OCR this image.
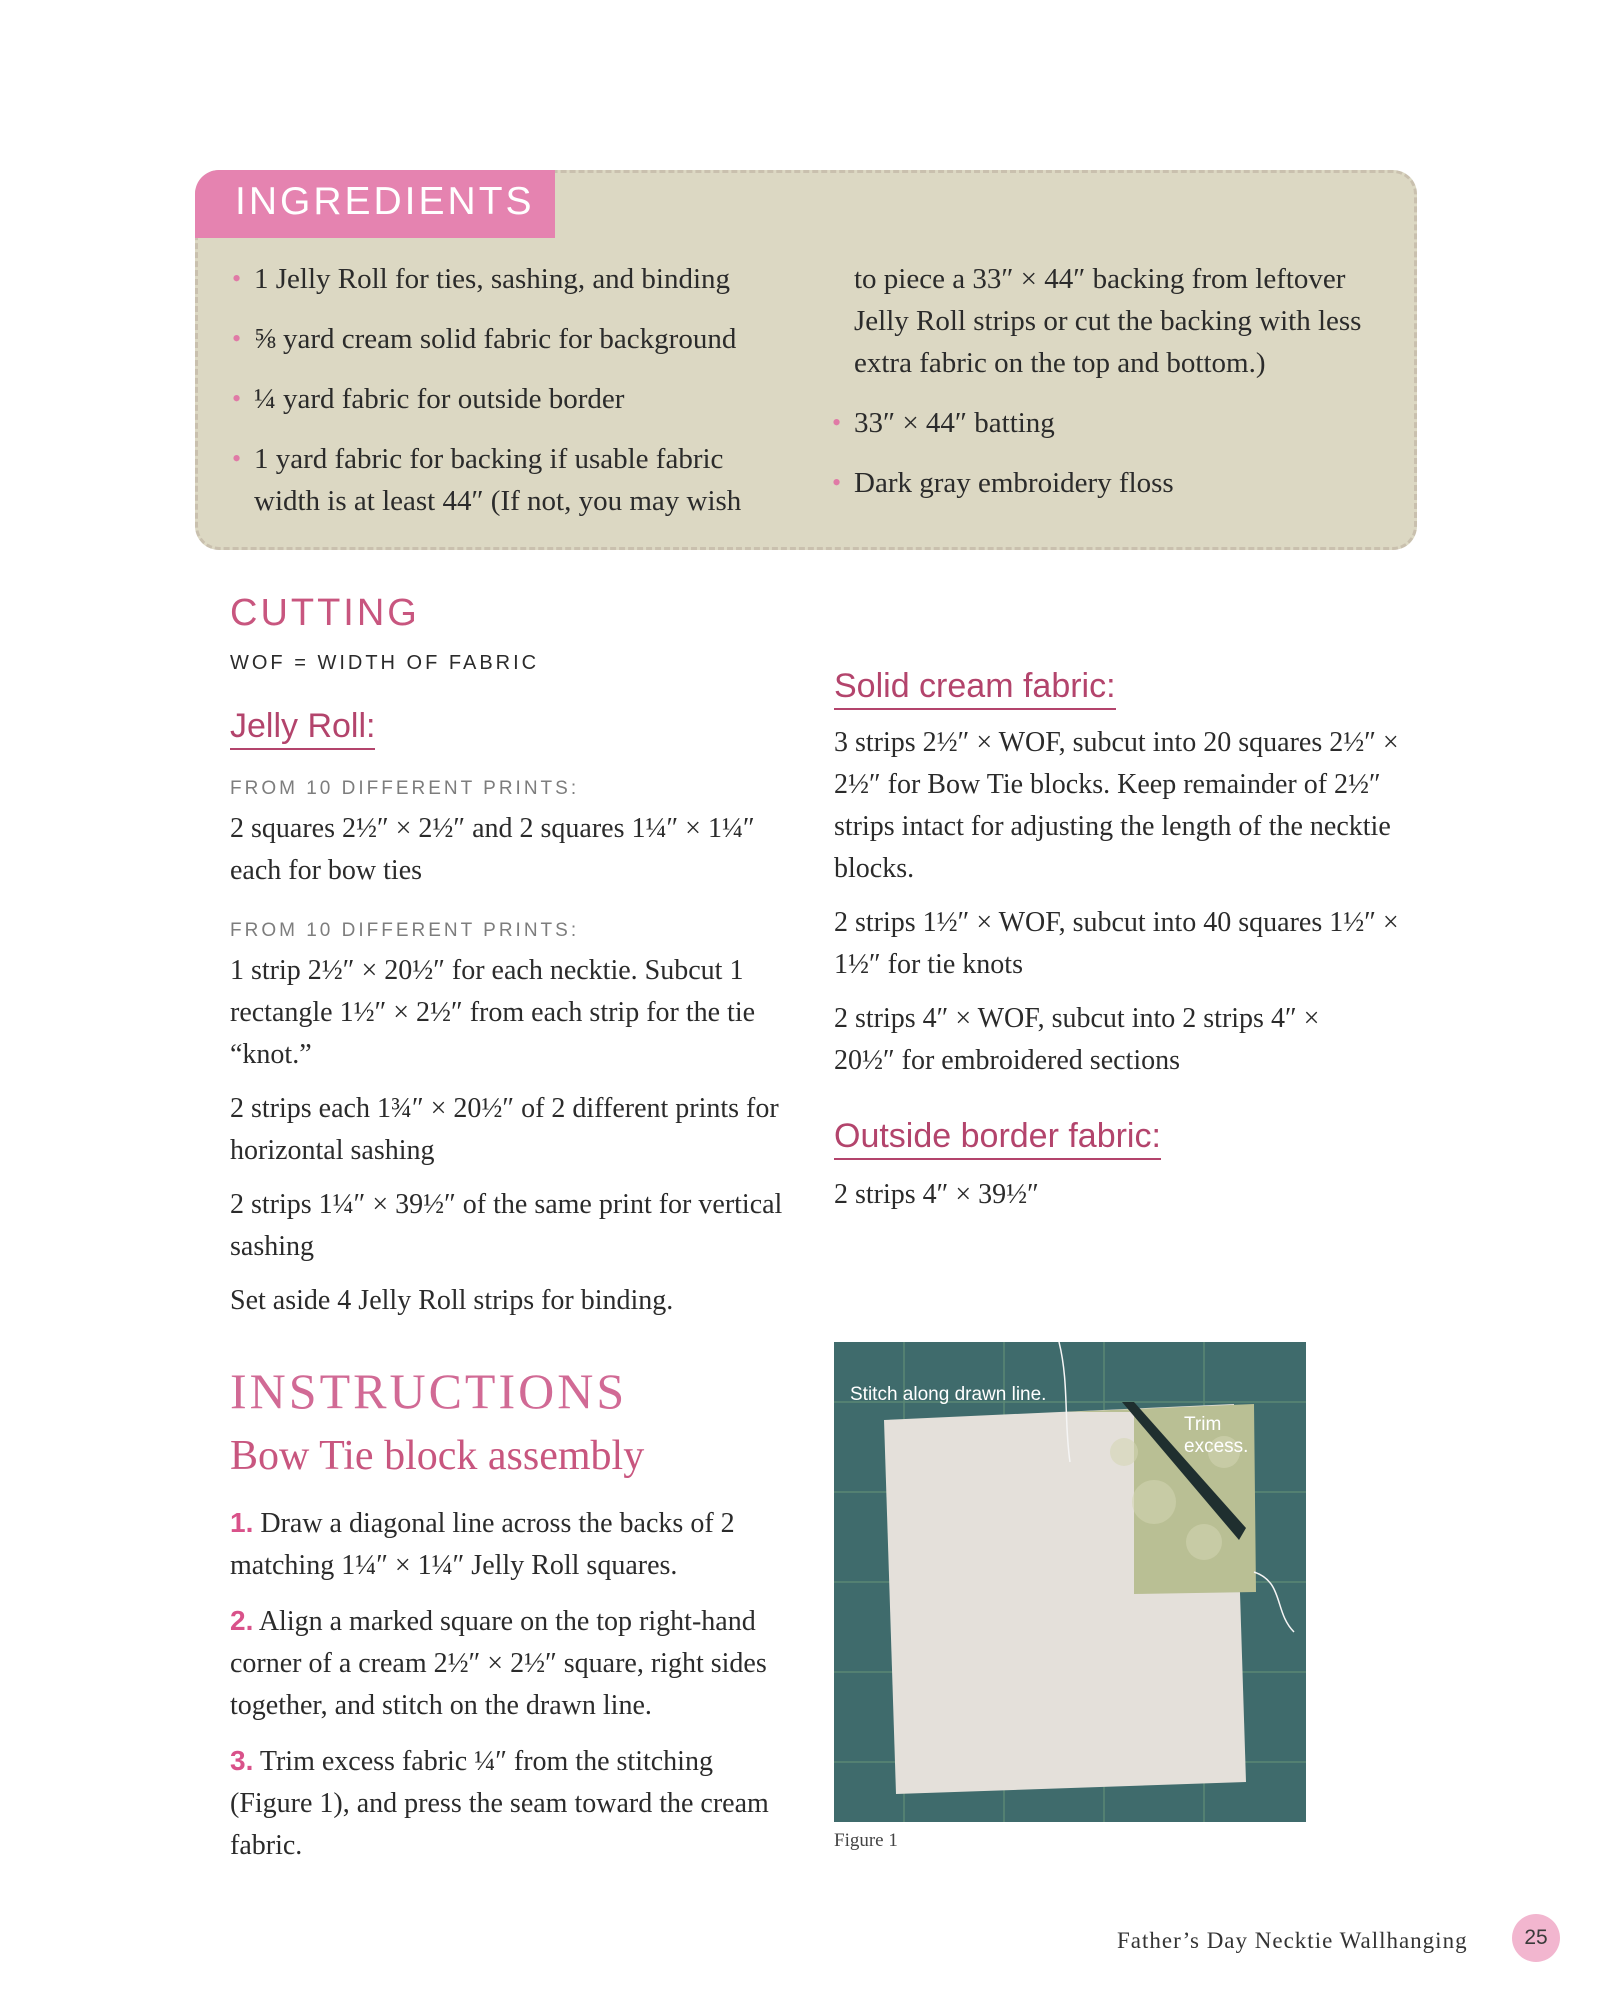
INGREDIENTS
• 1 Jelly Roll for ties, sashing, and binding
• ⅝ yard cream solid fabric for background
• ¼ yard fabric for outside border
• 1 yard fabric for backing if usable fabric width is at least 44″ (If not, you may wish
to piece a 33″ × 44″ backing from leftover Jelly Roll strips or cut the backing with less extra fabric on the top and bottom.)
• 33″ × 44″ batting
• Dark gray embroidery floss
CUTTING
WOF = WIDTH OF FABRIC
Jelly Roll:
FROM 10 DIFFERENT PRINTS:
2 squares 2½″ × 2½″ and 2 squares 1¼″ × 1¼″ each for bow ties
FROM 10 DIFFERENT PRINTS:
1 strip 2½″ × 20½″ for each necktie. Subcut 1 rectangle 1½″ × 2½″ from each strip for the tie “knot.”
2 strips each 1¾″ × 20½″ of 2 different prints for horizontal sashing
2 strips 1¼″ × 39½″ of the same print for vertical sashing
Set aside 4 Jelly Roll strips for binding.
Solid cream fabric:
3 strips 2½″ × WOF, subcut into 20 squares 2½″ × 2½″ for Bow Tie blocks. Keep remainder of 2½″ strips intact for adjusting the length of the necktie blocks.
2 strips 1½″ × WOF, subcut into 40 squares 1½″ × 1½″ for tie knots
2 strips 4″ × WOF, subcut into 2 strips 4″ × 20½″ for embroidered sections
Outside border fabric:
2 strips 4″ × 39½″
INSTRUCTIONS
Bow Tie block assembly
1. Draw a diagonal line across the backs of 2 matching 1¼″ × 1¼″ Jelly Roll squares.
2. Align a marked square on the top right-hand corner of a cream 2½″ × 2½″ square, right sides together, and stitch on the drawn line.
3. Trim excess fabric ¼″ from the stitching (Figure 1), and press the seam toward the cream fabric.
Stitch along drawn line.
Trim excess.
Figure 1
Father’s Day Necktie Wallhanging	25
